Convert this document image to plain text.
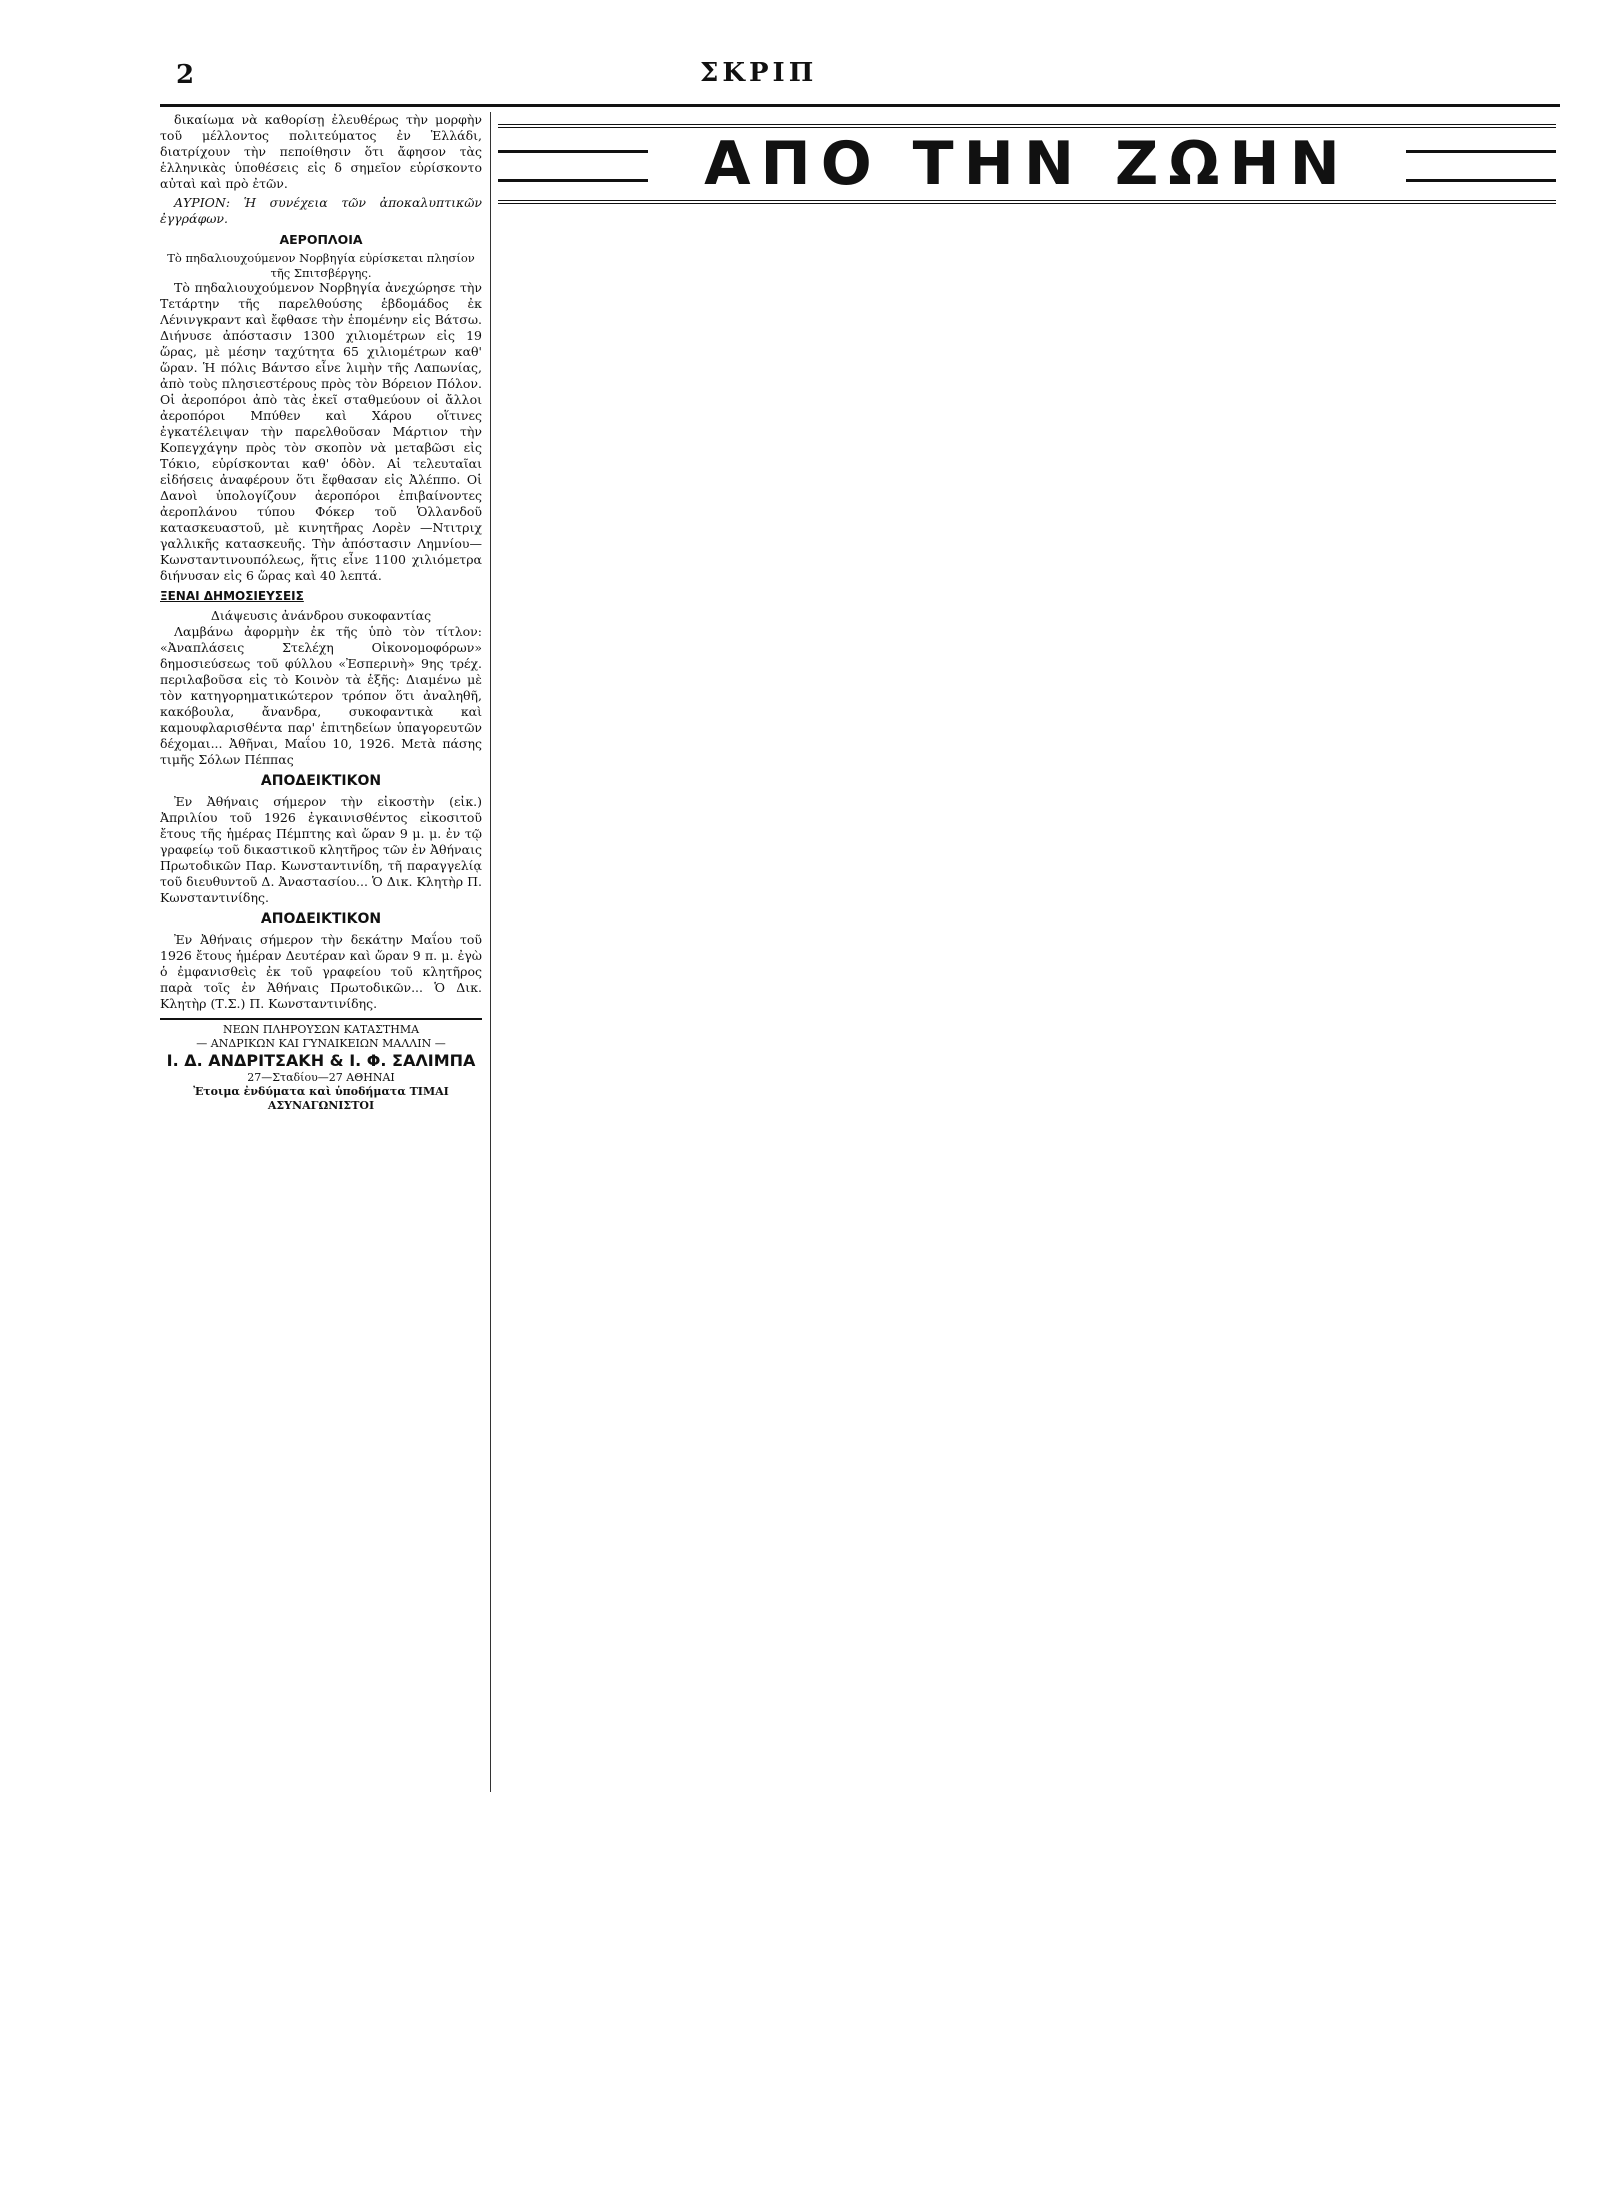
2	ΣΚΡΙΠ

δικαίωμα νὰ καθορίσῃ ἐλευθέρως τὴν μορφὴν τοῦ μέλλοντος πολιτεύματος ἐν Ἑλλάδι, διατρίχουν τὴν πεποίθησιν ὅτι ἄφησον τὰς ἑλληνικὰς ὑποθέσεις εἰς δ σημεῖον εὑρίσκοντο αὐταὶ καὶ πρὸ ἐτῶν.

ΑΥΡΙΟΝ: Ἡ συνέχεια τῶν ἀποκαλυπτικῶν ἐγγράφων.

ΑΕΡΟΠΛΟΙΑ
Τὸ πηδαλιουχούμενον Νορβηγία εὐρίσκεται πλησίον τῆς Σπιτσβέργης.

Τὸ πηδαλιουχούμενον Νορβηγία ἀνεχώρησε τὴν Τετάρτην τῆς παρελθούσης ἑβδομάδος ἐκ Λένινγκραντ καὶ ἔφθασε τὴν ἑπομένην εἰς Βάτσω. Διήνυσε ἀπόστασιν 1300 χιλιομέτρων εἰς 19 ὥρας, μὲ μέσην ταχύτητα 65 χιλιομέτρων καθ' ὥραν. Ἡ πόλις Βάντσο εἶνε λιμὴν τῆς Λαπωνίας, ἀπὸ τοὺς πλησιεστέρους πρὸς τὸν Βόρειον Πόλον. Οἱ ἀεροπόροι ἀπὸ τὰς ἐκεῖ σταθμεύουν οἱ ἄλλοι ἀεροπόροι Μπύθεν καὶ Χάρου οἵτινες ἐγκατέλειψαν τὴν παρελθοῦσαν Μάρτιον τὴν Κοπεγχάγην πρὸς τὸν σκοπὸν νὰ μεταβῶσι εἰς Τόκιο, εὑρίσκονται καθ' ὁδὸν. Αἱ τελευταῖαι εἰδήσεις ἀναφέρουν ὅτι ἔφθασαν εἰς Ἀλέππο. Οἱ Δανοὶ ὑπολογίζουν ἀεροπόροι ἐπιβαίνοντες ἀεροπλάνου τύπου Φόκερ τοῦ Ὁλλανδοῦ κατασκευαστοῦ, μὲ κινητῆρας Λορὲν —Ντιτριχ γαλλικῆς κατασκευῆς. Τὴν ἀπόστασιν Λημνίου—Κωνσταντινουπόλεως, ἥτις εἶνε 1100 χιλιόμετρα διήνυσαν εἰς 6 ὥρας καὶ 40 λεπτά.

ΞΕΝΑΙ ΔΗΜΟΣΙΕΥΣΕΙΣ
Διάψευσις ἀνάνδρου συκοφαντίας

Λαμβάνω ἀφορμὴν ἐκ τῆς ὑπὸ τὸν τίτλον: «Ἀναπλάσεις Στελέχη Οἰκονομοφόρων» δημοσιεύσεως τοῦ φύλλου «Ἐσπερινὴ» 9ης τρέχ. περιλαβοῦσα εἰς τὸ Κοινὸν τὰ ἑξῆς: Διαμένω μὲ τὸν κατηγορηματικώτερον τρόπον ὅτι ἀναληθῆ, κακόβουλα, ἄνανδρα, συκοφαντικὰ καὶ καμουφλαρισθέντα παρ' ἐπιτηδείων ὑπαγορευτῶν δέχομαι... Ἀθῆναι, Μαΐου 10, 1926. Μετὰ πάσης τιμῆς Σόλων Πέππας

ΑΠΟΔΕΙΚΤΙΚΟΝ

Ἐν Ἀθήναις σήμερον τὴν εἰκοστὴν (εἰκ.) Ἀπριλίου τοῦ 1926 ἐγκαινισθέντος εἰκοσιτοῦ ἔτους τῆς ἡμέρας Πέμπτης καὶ ὥραν 9 μ. μ. ἐν τῷ γραφείῳ τοῦ δικαστικοῦ κλητῆρος τῶν ἐν Ἀθήναις Πρωτοδικῶν Παρ. Κωνσταντινίδη, τῆ παραγγελίᾳ τοῦ διευθυντοῦ Δ. Ἀναστασίου... Ὁ Δικ. Κλητὴρ Π. Κωνσταντινίδης.

ΑΠΟΔΕΙΚΤΙΚΟΝ

Ἐν Ἀθήναις σήμερον τὴν δεκάτην Μαΐου τοῦ 1926 ἔτους ἡμέραν Δευτέραν καὶ ὥραν 9 π. μ. ἐγὼ ὁ ἐμφανισθεὶς ἐκ τοῦ γραφείου τοῦ κλητῆρος παρὰ τοῖς ἐν Ἀθήναις Πρωτοδικῶν... Ὁ Δικ. Κλητὴρ (Τ.Σ.) Π. Κωνσταντινίδης.

ΝΕΩΝ ΠΛΗΡΟΥΣΩΝ ΚΑΤΑΣΤΗΜΑ
— ΑΝΔΡΙΚΩΝ ΚΑΙ ΓΥΝΑΙΚΕΙΩΝ ΜΑΛΛΙΝ —
Ι. Δ. ΑΝΔΡΙΤΣΑΚΗ & Ι. Φ. ΣΑΛΙΜΠΑ
27—Σταδίου—27 ΑΘΗΝΑΙ
Ἐτοιμα ἐνδύματα καὶ ὑποδήματα ΤΙΜΑΙ ΑΣΥΝΑΓΩΝΙΣΤΟΙ
ΑΠΟ ΤΗΝ ΖΩΗΝ
